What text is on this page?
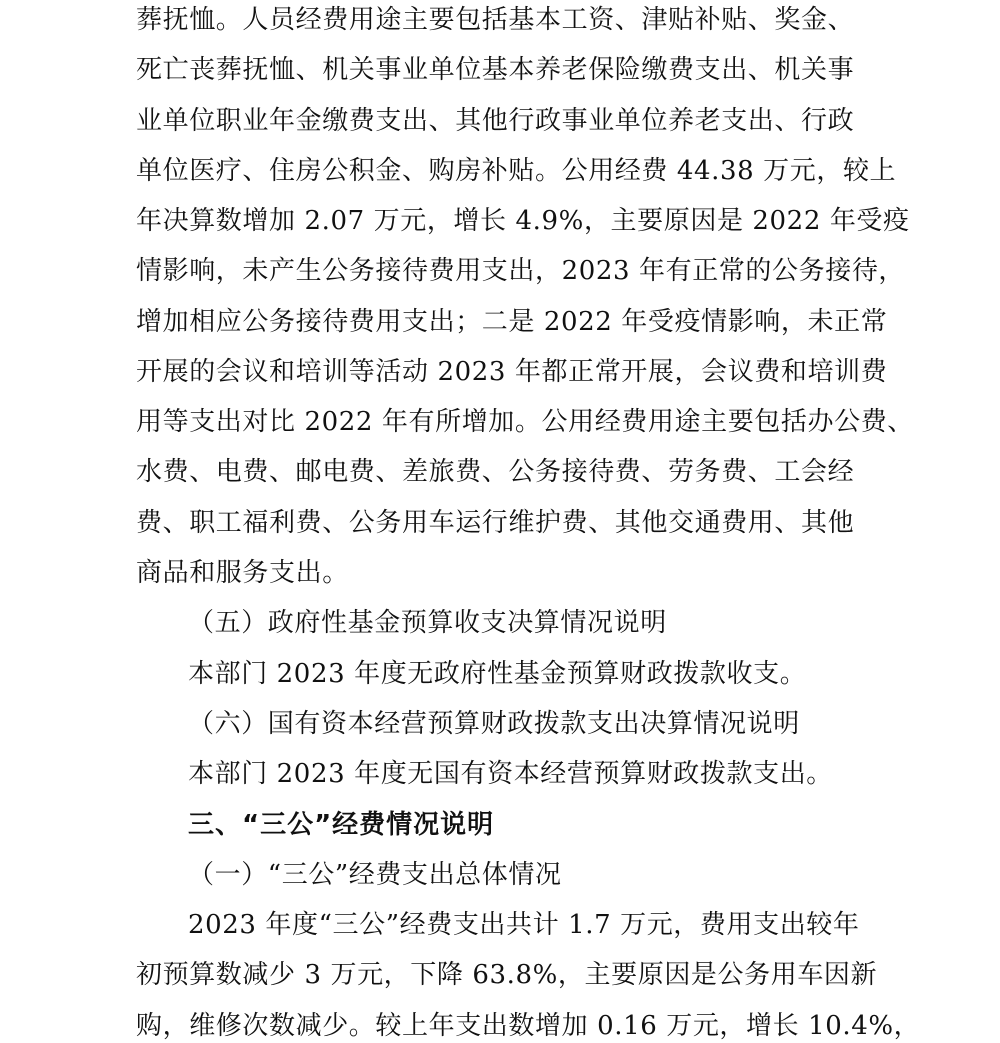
葬抚恤。人员经费用途主要包括基本工资、津贴补贴、奖金、
死亡丧葬抚恤、机关事业单位基本养老保险缴费支出、机关事
业单位职业年金缴费支出、其他行政事业单位养老支出、行政
单位医疗、住房公积金、购房补贴。公用经费 44.38 万元，较上
年决算数增加 2.07 万元，增长 4.9%，主要原因是 2022 年受疫
情影响，未产生公务接待费用支出，2023 年有正常的公务接待，
增加相应公务接待费用支出；二是 2022 年受疫情影响，未正常
开展的会议和培训等活动 2023 年都正常开展，会议费和培训费
用等支出对比 2022 年有所增加。公用经费用途主要包括办公费、
水费、电费、邮电费、差旅费、公务接待费、劳务费、工会经
费、职工福利费、公务用车运行维护费、其他交通费用、其他
商品和服务支出。
（五）政府性基金预算收支决算情况说明
本部门 2023 年度无政府性基金预算财政拨款收支。
（六）国有资本经营预算财政拨款支出决算情况说明
本部门 2023 年度无国有资本经营预算财政拨款支出。
三、“三公”经费情况说明
（一）“三公”经费支出总体情况
2023 年度“三公”经费支出共计 1.7 万元，费用支出较年
初预算数减少 3 万元，下降 63.8%，主要原因是公务用车因新
购，维修次数减少。较上年支出数增加 0.16 万元，增长 10.4%，
